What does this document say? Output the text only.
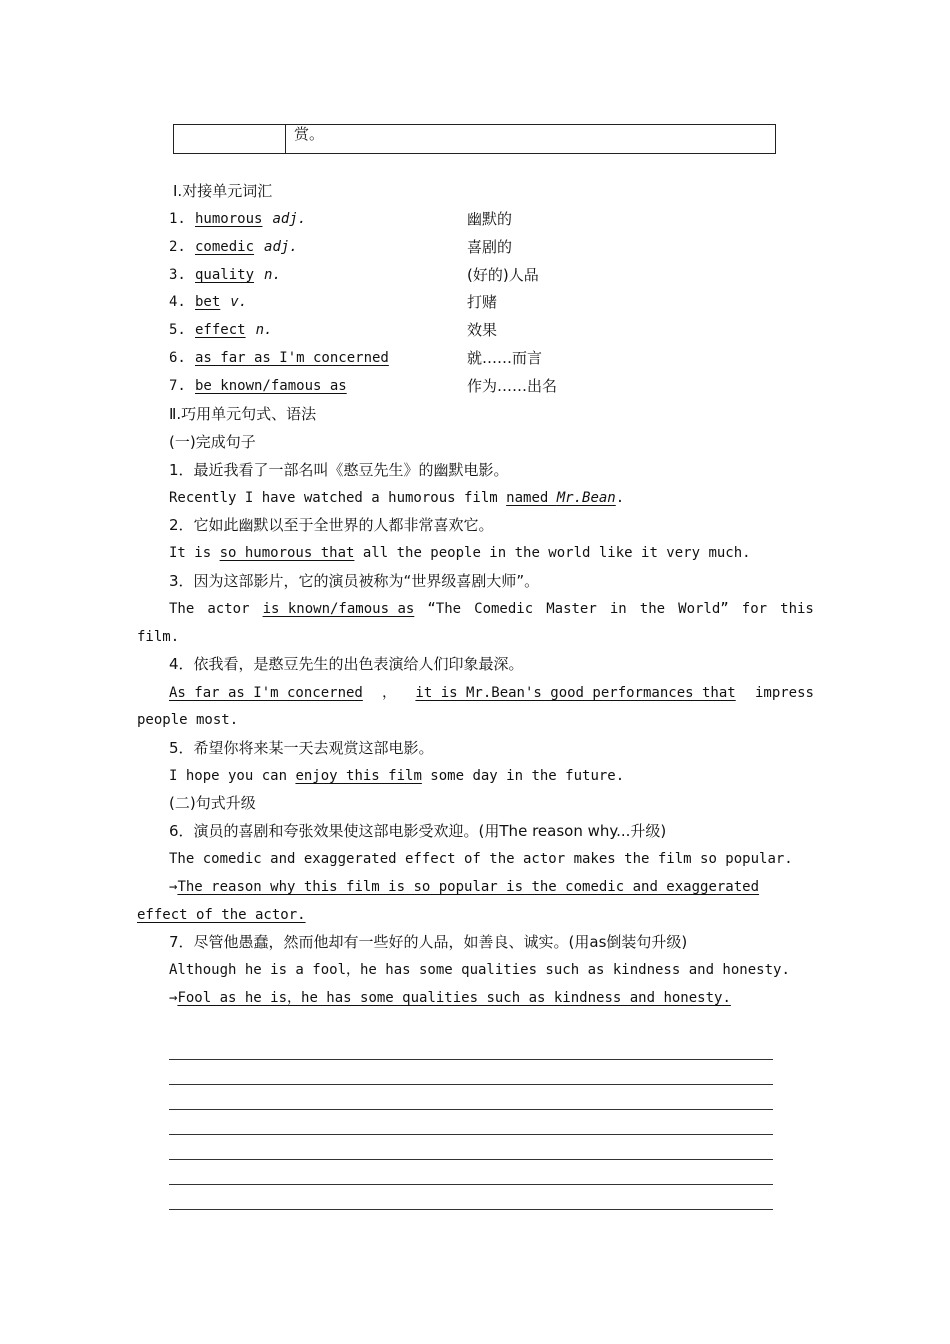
赏。
Ⅰ.对接单元词汇
1. humorous adj.	幽默的
2. comedic adj.	喜剧的
3. quality n.	(好的)人品
4. bet v.	打赌
5. effect n.	效果
6. as far as I'm concerned	就……而言
7. be known/famous as	作为……出名
Ⅱ.巧用单元句式、语法
(一)完成句子
1．最近我看了一部名叫《憨豆先生》的幽默电影。
Recently I have watched a humorous film named Mr.Bean.
2．它如此幽默以至于全世界的人都非常喜欢它。
It is so humorous that all the people in the world like it very much.
3．因为这部影片，它的演员被称为“世界级喜剧大师”。
The actor is known/famous as “The Comedic Master in the World” for this
film.
4．依我看，是憨豆先生的出色表演给人们印象最深。
As far as I'm concerned ， it is Mr.Bean's good performances that impress
people most.
5．希望你将来某一天去观赏这部电影。
I hope you can enjoy this film some day in the future.
(二)句式升级
6．演员的喜剧和夸张效果使这部电影受欢迎。(用The reason why...升级)
The comedic and exaggerated effect of the actor makes the film so popular.
→The reason why this film is so popular is the comedic and exaggerated
effect of the actor.
7．尽管他愚蠢，然而他却有一些好的人品，如善良、诚实。(用as倒装句升级)
Although he is a fool，he has some qualities such as kindness and honesty.
→Fool as he is，he has some qualities such as kindness and honesty.
